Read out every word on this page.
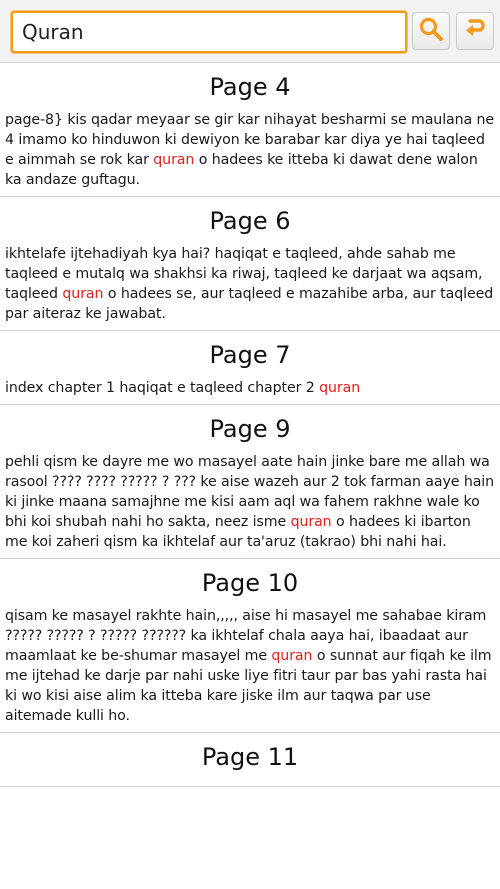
Quran
Page 4
page-8} kis qadar meyaar se gir kar nihayat besharmi se maulana ne 4 imamo ko hinduwon ki dewiyon ke barabar kar diya ye hai taqleed e aimmah se rok kar quran o hadees ke itteba ki dawat dene walon ka andaze guftagu.
Page 6
ikhtelafe ijtehadiyah kya hai? haqiqat e taqleed, ahde sahab me taqleed e mutalq wa shakhsi ka riwaj, taqleed ke darjaat wa aqsam, taqleed quran o hadees se, aur taqleed e mazahibe arba, aur taqleed par aiteraz ke jawabat.
Page 7
index chapter 1 haqiqat e taqleed chapter 2 quran
Page 9
pehli qism ke dayre me wo masayel aate hain jinke bare me allah wa rasool ???? ???? ????? ? ??? ke aise wazeh aur 2 tok farman aaye hain ki jinke maana samajhne me kisi aam aql wa fahem rakhne wale ko bhi koi shubah nahi ho sakta, neez isme quran o hadees ki ibarton me koi zaheri qism ka ikhtelaf aur ta'aruz (takrao) bhi nahi hai.
Page 10
qisam ke masayel rakhte hain,,,,, aise hi masayel me sahabae kiram ????? ????? ? ????? ?????? ka ikhtelaf chala aaya hai, ibaadaat aur maamlaat ke be-shumar masayel me quran o sunnat aur fiqah ke ilm me ijtehad ke darje par nahi uske liye fitri taur par bas yahi rasta hai ki wo kisi aise alim ka itteba kare jiske ilm aur taqwa par use aitemade kulli ho.
Page 11
